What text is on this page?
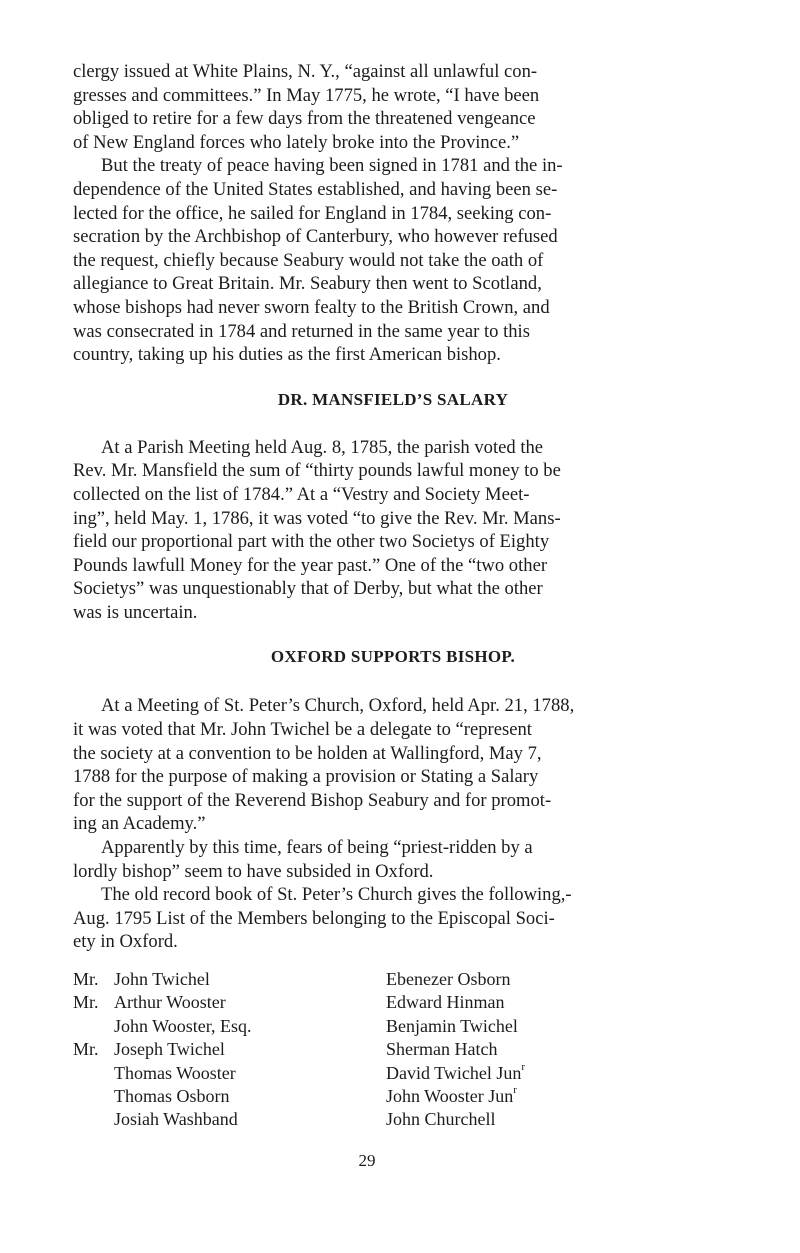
clergy issued at White Plains, N. Y., “against all unlawful con-
gresses and committees.” In May 1775, he wrote, “I have been
obliged to retire for a few days from the threatened vengeance
of New England forces who lately broke into the Province.”
But the treaty of peace having been signed in 1781 and the in-
dependence of the United States established, and having been se-
lected for the office, he sailed for England in 1784, seeking con-
secration by the Archbishop of Canterbury, who however refused
the request, chiefly because Seabury would not take the oath of
allegiance to Great Britain. Mr. Seabury then went to Scotland,
whose bishops had never sworn fealty to the British Crown, and
was consecrated in 1784 and returned in the same year to this
country, taking up his duties as the first American bishop.
DR. MANSFIELD’S SALARY
At a Parish Meeting held Aug. 8, 1785, the parish voted the
Rev. Mr. Mansfield the sum of “thirty pounds lawful money to be
collected on the list of 1784.” At a “Vestry and Society Meet-
ing”, held May. 1, 1786, it was voted “to give the Rev. Mr. Mans-
field our proportional part with the other two Societys of Eighty
Pounds lawfull Money for the year past.” One of the “two other
Societys” was unquestionably that of Derby, but what the other
was is uncertain.
OXFORD SUPPORTS BISHOP.
At a Meeting of St. Peter’s Church, Oxford, held Apr. 21, 1788,
it was voted that Mr. John Twichel be a delegate to “represent
the society at a convention to be holden at Wallingford, May 7,
1788 for the purpose of making a provision or Stating a Salary
for the support of the Reverend Bishop Seabury and for promot-
ing an Academy.”
Apparently by this time, fears of being “priest-ridden by a
lordly bishop” seem to have subsided in Oxford.
The old record book of St. Peter’s Church gives the following,-
Aug. 1795 List of the Members belonging to the Episcopal Soci-
ety in Oxford.
Mr. John Twichel
Mr. Arthur Wooster
John Wooster, Esq.
Mr. Joseph Twichel
Thomas Wooster
Thomas Osborn
Josiah Washband
Ebenezer Osborn
Edward Hinman
Benjamin Twichel
Sherman Hatch
David Twichel Jun$^r$
John Wooster Jun$^r$
John Churchell
29
